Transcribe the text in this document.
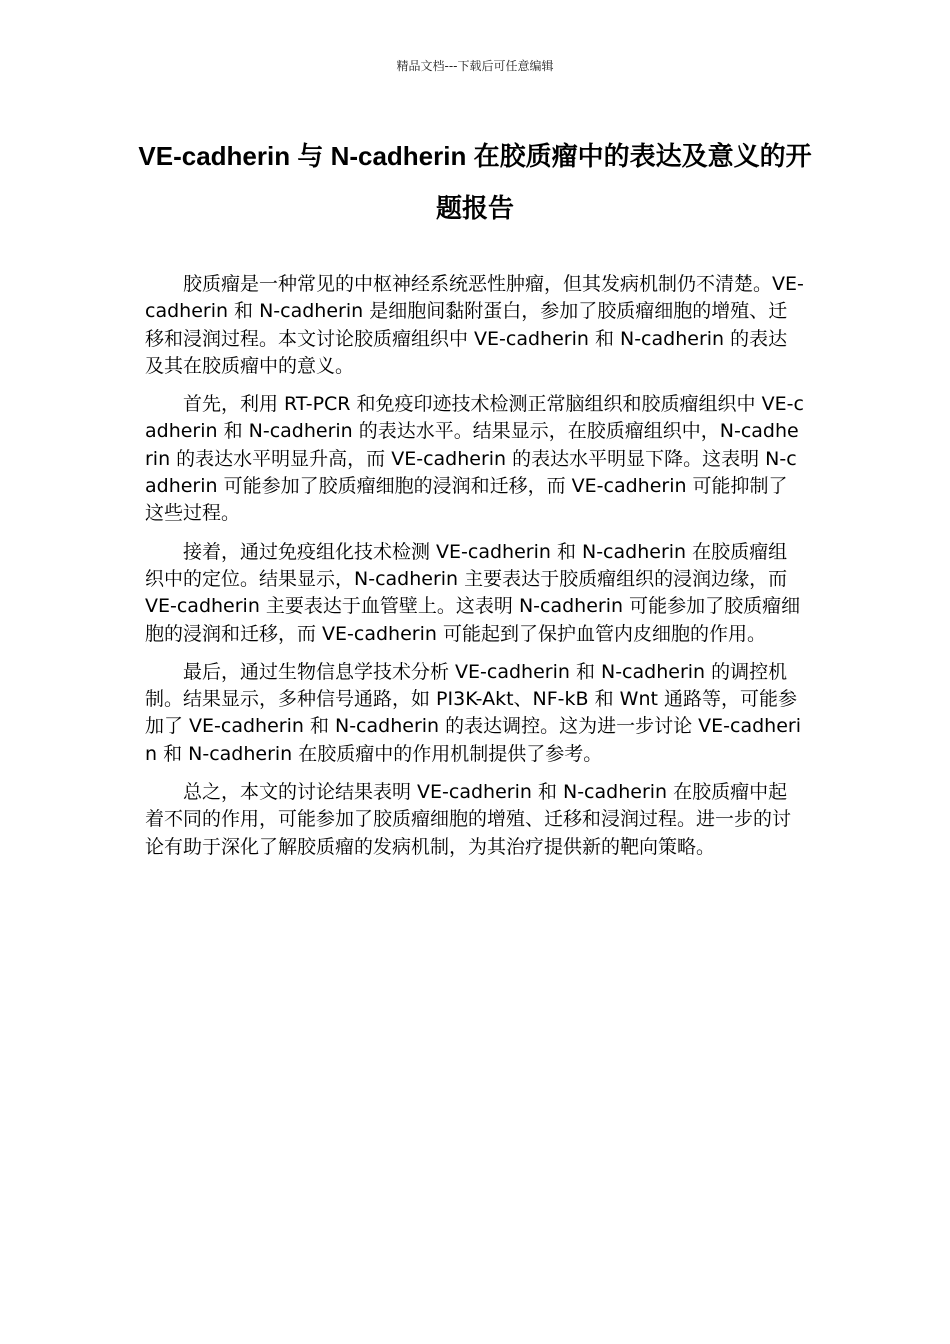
精品文档---下载后可任意编辑
VE-cadherin 与 N-cadherin 在胶质瘤中的表达及意义的开题报告

胶质瘤是一种常见的中枢神经系统恶性肿瘤，但其发病机制仍不清楚。VE-cadherin 和 N-cadherin 是细胞间黏附蛋白，参加了胶质瘤细胞的增殖、迁移和浸润过程。本文讨论胶质瘤组织中 VE-cadherin 和 N-cadherin 的表达及其在胶质瘤中的意义。

首先，利用 RT-PCR 和免疫印迹技术检测正常脑组织和胶质瘤组织中 VE-cadherin 和 N-cadherin 的表达水平。结果显示，在胶质瘤组织中，N-cadherin 的表达水平明显升高，而 VE-cadherin 的表达水平明显下降。这表明 N-cadherin 可能参加了胶质瘤细胞的浸润和迁移，而 VE-cadherin 可能抑制了这些过程。

接着，通过免疫组化技术检测 VE-cadherin 和 N-cadherin 在胶质瘤组织中的定位。结果显示，N-cadherin 主要表达于胶质瘤组织的浸润边缘，而 VE-cadherin 主要表达于血管壁上。这表明 N-cadherin 可能参加了胶质瘤细胞的浸润和迁移，而 VE-cadherin 可能起到了保护血管内皮细胞的作用。

最后，通过生物信息学技术分析 VE-cadherin 和 N-cadherin 的调控机制。结果显示，多种信号通路，如 PI3K-Akt、NF-kB 和 Wnt 通路等，可能参加了 VE-cadherin 和 N-cadherin 的表达调控。这为进一步讨论 VE-cadherin 和 N-cadherin 在胶质瘤中的作用机制提供了参考。

总之，本文的讨论结果表明 VE-cadherin 和 N-cadherin 在胶质瘤中起着不同的作用，可能参加了胶质瘤细胞的增殖、迁移和浸润过程。进一步的讨论有助于深化了解胶质瘤的发病机制，为其治疗提供新的靶向策略。
